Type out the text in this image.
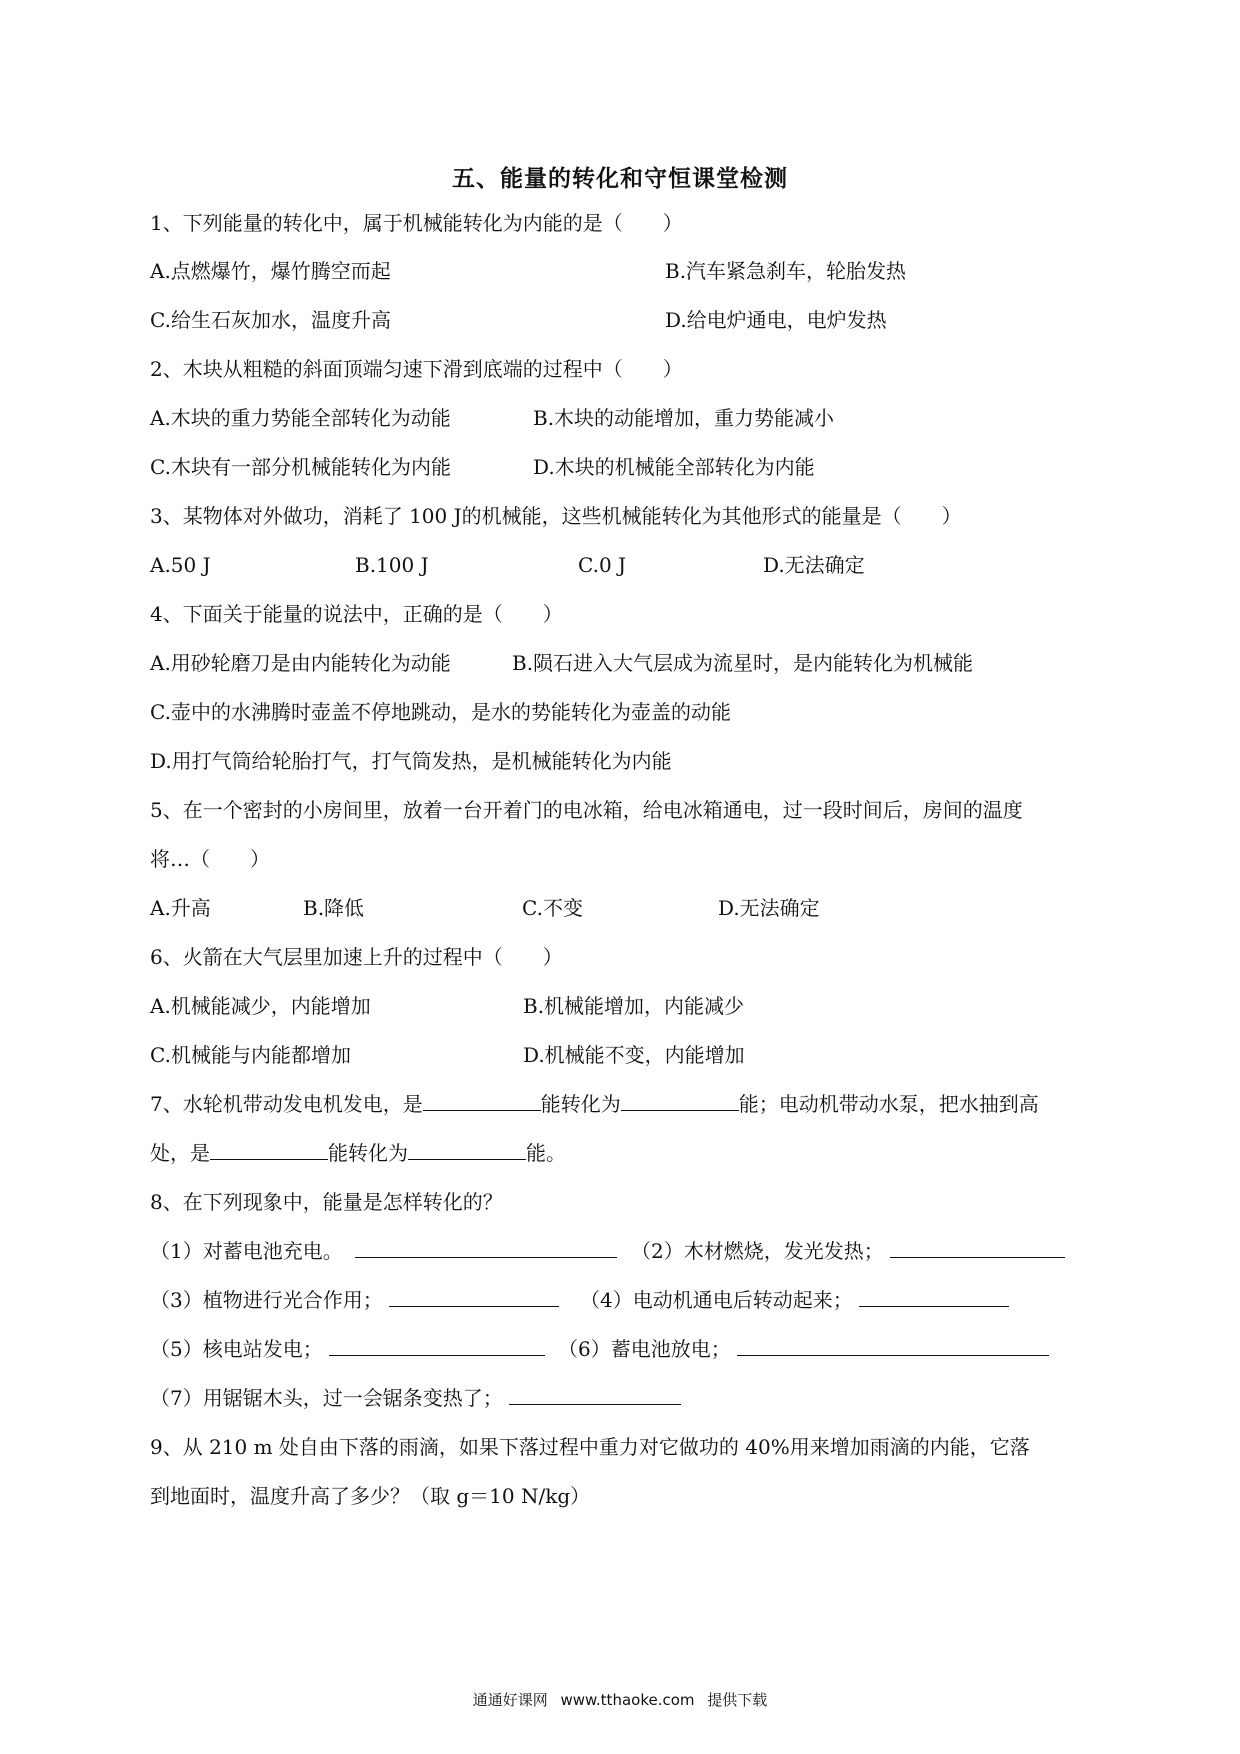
五、能量的转化和守恒课堂检测
1、下列能量的转化中，属于机械能转化为内能的是（　　）
A.点燃爆竹，爆竹腾空而起	B.汽车紧急刹车，轮胎发热
C.给生石灰加水，温度升高	D.给电炉通电，电炉发热
2、木块从粗糙的斜面顶端匀速下滑到底端的过程中（　　）
A.木块的重力势能全部转化为动能	B.木块的动能增加，重力势能减小
C.木块有一部分机械能转化为内能	D.木块的机械能全部转化为内能
3、某物体对外做功，消耗了 100 J的机械能，这些机械能转化为其他形式的能量是（　　）
A.50 J	B.100 J	C.0 J	D.无法确定
4、下面关于能量的说法中，正确的是（　　）
A.用砂轮磨刀是由内能转化为动能	B.陨石进入大气层成为流星时，是内能转化为机械能
C.壶中的水沸腾时壶盖不停地跳动，是水的势能转化为壶盖的动能
D.用打气筒给轮胎打气，打气筒发热，是机械能转化为内能
5、在一个密封的小房间里，放着一台开着门的电冰箱，给电冰箱通电，过一段时间后，房间的温度
将…（　　）
A.升高	B.降低	C.不变	D.无法确定
6、火箭在大气层里加速上升的过程中（　　）
A.机械能减少，内能增加	B.机械能增加，内能减少
C.机械能与内能都增加	D.机械能不变，内能增加
7、水轮机带动发电机发电，是	能转化为	能；电动机带动水泵，把水抽到高
处，是	能转化为	能。
8、在下列现象中，能量是怎样转化的？
（1）对蓄电池充电。	（2）木材燃烧，发光发热；
（3）植物进行光合作用；	（4）电动机通电后转动起来；
（5）核电站发电；	（6）蓄电池放电；
（7）用锯锯木头，过一会锯条变热了；
9、从 210 m 处自由下落的雨滴，如果下落过程中重力对它做功的 40%用来增加雨滴的内能，它落
到地面时，温度升高了多少？（取 g＝10 N/kg）
通通好课网 www.tthaoke.com 提供下载
